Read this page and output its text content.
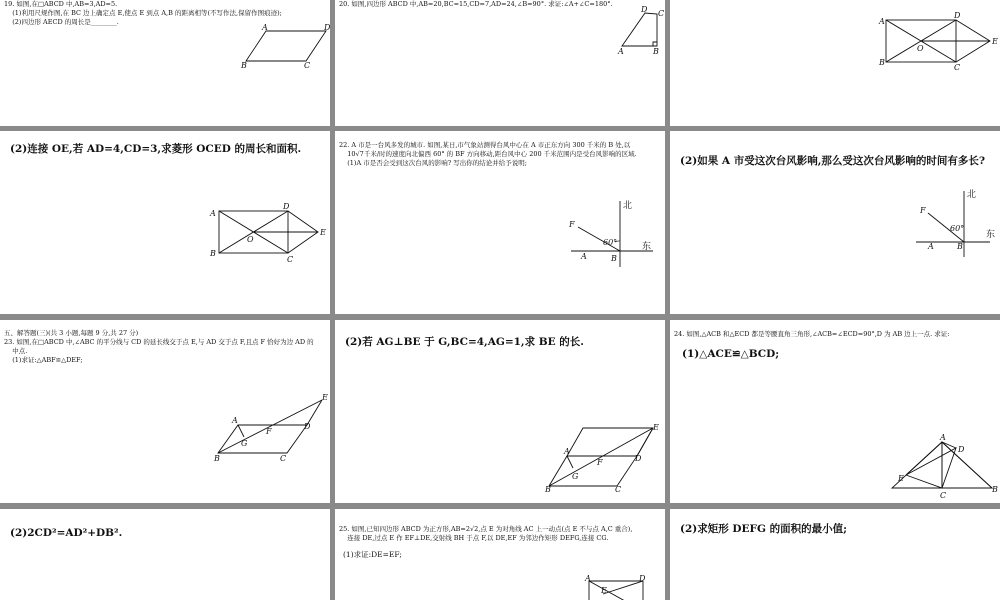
19. 如图,在□ABCD 中,AB=3,AD=5.
(1)利用尺规作图,在 BC 边上确定点 E,使点 E 到点 A,B 的距离相等(不写作法,保留作图痕迹);
(2)四边形 AECD 的周长是________.
A	D
B	C
20. 如图,四边形 ABCD 中,AB=20,BC=15,CD=7,AD=24,∠B=90°. 求证:∠A+∠C=180°.
A
D C
B
A
D
B
C
E
O
(2)连接 OE,若 AD=4,CD=3,求菱形 OCED 的周长和面积.
A
D
B
C
E
O
22. A 市是一台风多发的城市. 如图,某日,市气象站测得台风中心在 A 市正东方向 300 千米的 B 处,以
10√7千米/时的速度向北偏西 60° 的 BF 方向移动,距台风中心 200 千米范围内是受台风影响的区域.
(1)A 市是否会受到这次台风的影响? 写出你的结论并给予说明;
F
A	B
60°
北
东
(2)如果 A 市受这次台风影响,那么受这次台风影响的时间有多长?
F
A	B
60°
北
东
五、解答题(三)(共 3 小题,每题 9 分,共 27 分)
23. 如图,在□ABCD 中,∠ABC 的平分线与 CD 的延长线交于点 E,与 AD 交于点 F,且点 F 恰好为边 AD 的
中点.
(1)求证:△ABF≌△DEF;
A
D
B	C
E
F
G
(2)若 AG⊥BE 于 G,BC=4,AG=1,求 BE 的长.
A
D
B	C
E
F
G
24. 如图,△ACB 和△ECD 都是等腰直角三角形,∠ACB=∠ECD=90°,D 为 AB 边上一点. 求证:
(1)△ACE≌△BCD;
A
D
E
C
B
(2)2CD²=AD²+DB².	25. 如图,已知四边形 ABCD 为正方形,AB=2√2,点 E 为对角线 AC 上一动点(点 E 不与点 A,C 重合),
连接 DE,过点 E 作 EF⊥DE,交射线 BH 于点 F,以 DE,EF 为邻边作矩形 DEFG,连接 CG.
(1)求证:DE=EF;
A	D
E
(2)求矩形 DEFG 的面积的最小值;
